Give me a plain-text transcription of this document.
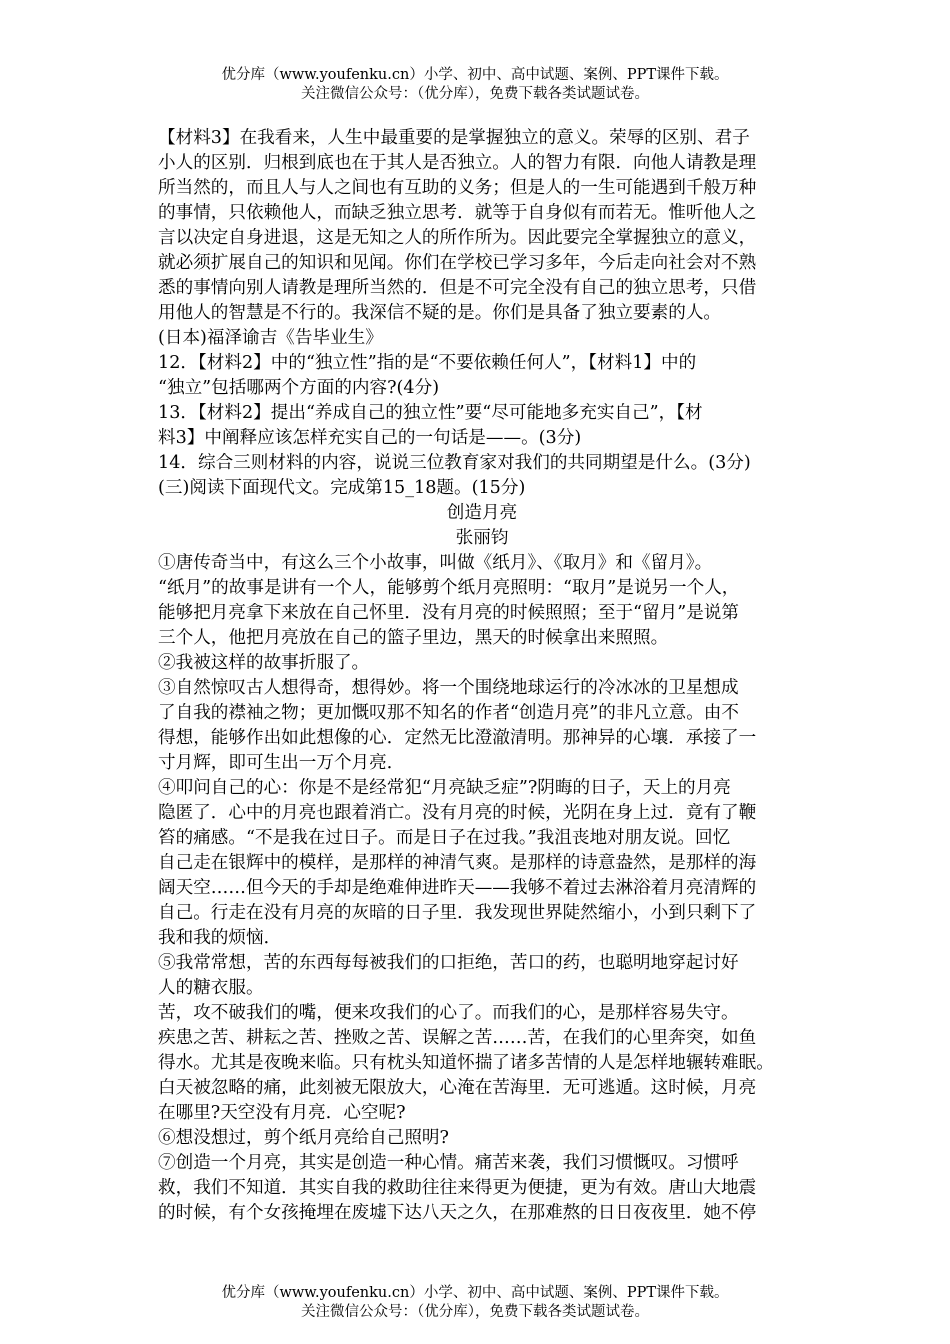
优分库（www.youfenku.cn）小学、初中、高中试题、案例、PPT课件下载。
关注微信公众号：（优分库），免费下载各类试题试卷。

【材料3】在我看来，人生中最重要的是掌握独立的意义。荣辱的区别、君子

小人的区别．归根到底也在于其人是否独立。人的智力有限．向他人请教是理

所当然的，而且人与人之间也有互助的义务；但是人的一生可能遇到千般万种

的事情，只依赖他人，而缺乏独立思考．就等于自身似有而若无。惟听他人之

言以决定自身进退，这是无知之人的所作所为。因此要完全掌握独立的意义，

就必须扩展自己的知识和见闻。你们在学校已学习多年，今后走向社会对不熟

悉的事情向别人请教是理所当然的．但是不可完全没有自己的独立思考，只借

用他人的智慧是不行的。我深信不疑的是。你们是具备了独立要素的人。

(日本)福泽谕吉《告毕业生》

12．【材料2】中的“独立性”指的是“不要依赖任何人”，【材料1】中的

“独立”包括哪两个方面的内容?(4分)

13．【材料2】提出“养成自己的独立性”要“尽可能地多充实自己”，【材

料3】中阐释应该怎样充实自己的一句话是——。(3分)

14．综合三则材料的内容，说说三位教育家对我们的共同期望是什么。(3分)

(三)阅读下面现代文。完成第15_18题。(15分)

创造月亮

张丽钧

①唐传奇当中，有这么三个小故事，叫做《纸月》、《取月》和《留月》。

“纸月”的故事是讲有一个人，能够剪个纸月亮照明：“取月”是说另一个人，

能够把月亮拿下来放在自己怀里．没有月亮的时候照照；至于“留月”是说第

三个人，他把月亮放在自己的篮子里边，黑天的时候拿出来照照。

②我被这样的故事折服了。

③自然惊叹古人想得奇，想得妙。将一个围绕地球运行的冷冰冰的卫星想成

了自我的襟袖之物；更加慨叹那不知名的作者“创造月亮”的非凡立意。由不

得想，能够作出如此想像的心．定然无比澄澈清明。那神异的心壤．承接了一

寸月辉，即可生出一万个月亮．

④叩问自己的心：你是不是经常犯“月亮缺乏症”?阴晦的日子，天上的月亮

隐匿了．心中的月亮也跟着消亡。没有月亮的时候，光阴在身上过．竟有了鞭

笞的痛感。“不是我在过日子。而是日子在过我。”我沮丧地对朋友说。回忆

自己走在银辉中的模样，是那样的神清气爽。是那样的诗意盎然，是那样的海

阔天空……但今天的手却是绝难伸进昨天——我够不着过去淋浴着月亮清辉的

自己。行走在没有月亮的灰暗的日子里．我发现世界陡然缩小，小到只剩下了

我和我的烦恼．

⑤我常常想，苦的东西每每被我们的口拒绝，苦口的药，也聪明地穿起讨好

人的糖衣服。

苦，攻不破我们的嘴，便来攻我们的心了。而我们的心，是那样容易失守。

疾患之苦、耕耘之苦、挫败之苦、误解之苦……苦，在我们的心里奔突，如鱼

得水。尤其是夜晚来临。只有枕头知道怀揣了诸多苦情的人是怎样地辗转难眠。

白天被忽略的痛，此刻被无限放大，心淹在苦海里．无可逃遁。这时候，月亮

在哪里?天空没有月亮．心空呢?

⑥想没想过，剪个纸月亮给自己照明?

⑦创造一个月亮，其实是创造一种心情。痛苦来袭，我们习惯慨叹。习惯呼

救，我们不知道．其实自我的救助往往来得更为便捷，更为有效。唐山大地震

的时候，有个女孩掩埋在废墟下达八天之久，在那难熬的日日夜夜里．她不停

优分库（www.youfenku.cn）小学、初中、高中试题、案例、PPT课件下载。
关注微信公众号：（优分库），免费下载各类试题试卷。
